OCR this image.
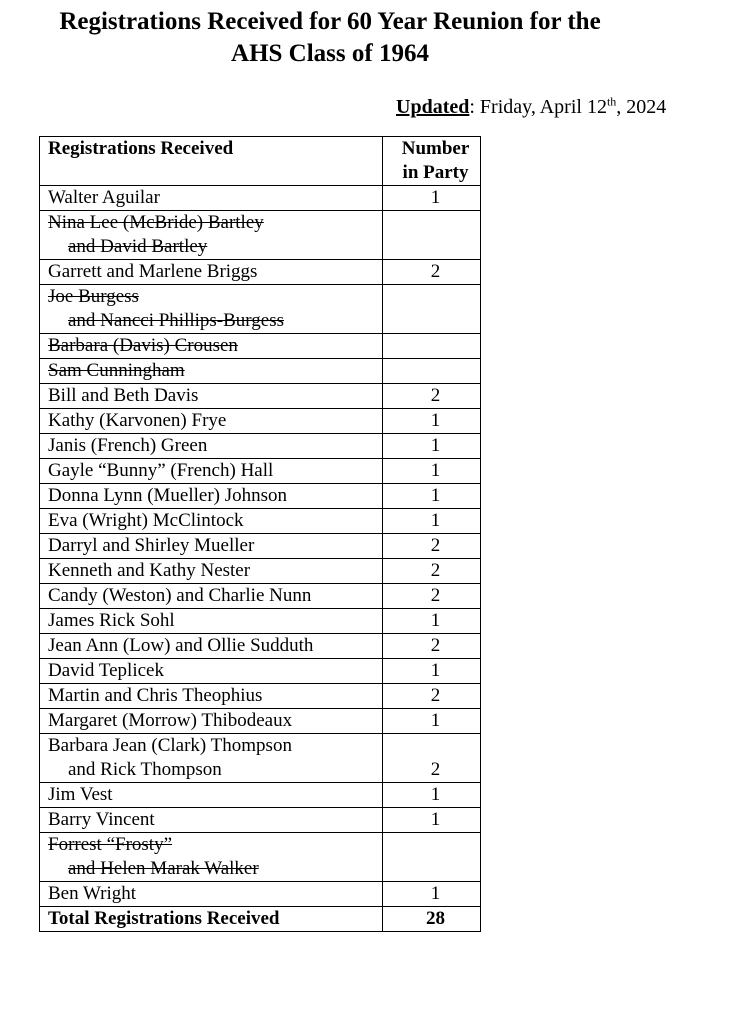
Registrations Received for 60 Year Reunion for the
AHS Class of 1964
Updated: Friday, April 12th, 2024
Registrations Received	Number
in Party

Walter Aguilar	1

Nina Lee (McBride) Bartley
and David Bartley	

Garrett and Marlene Briggs	2

Joe Burgess
and Nancci Phillips-Burgess	

Barbara (Davis) Crousen	

Sam Cunningham	

Bill and Beth Davis	2

Kathy (Karvonen) Frye	1

Janis (French) Green	1

Gayle “Bunny” (French) Hall	1

Donna Lynn (Mueller) Johnson	1

Eva (Wright) McClintock	1

Darryl and Shirley Mueller	2

Kenneth and Kathy Nester	2

Candy (Weston) and Charlie Nunn	2

James Rick Sohl	1

Jean Ann (Low) and Ollie Sudduth	2

David Teplicek	1

Martin and Chris Theophius	2

Margaret (Morrow) Thibodeaux	1

Barbara Jean (Clark) Thompson
and Rick Thompson	2

Jim Vest	1

Barry Vincent	1

Forrest “Frosty”
and Helen Marak Walker	

Ben Wright	1
Total Registrations Received	28
